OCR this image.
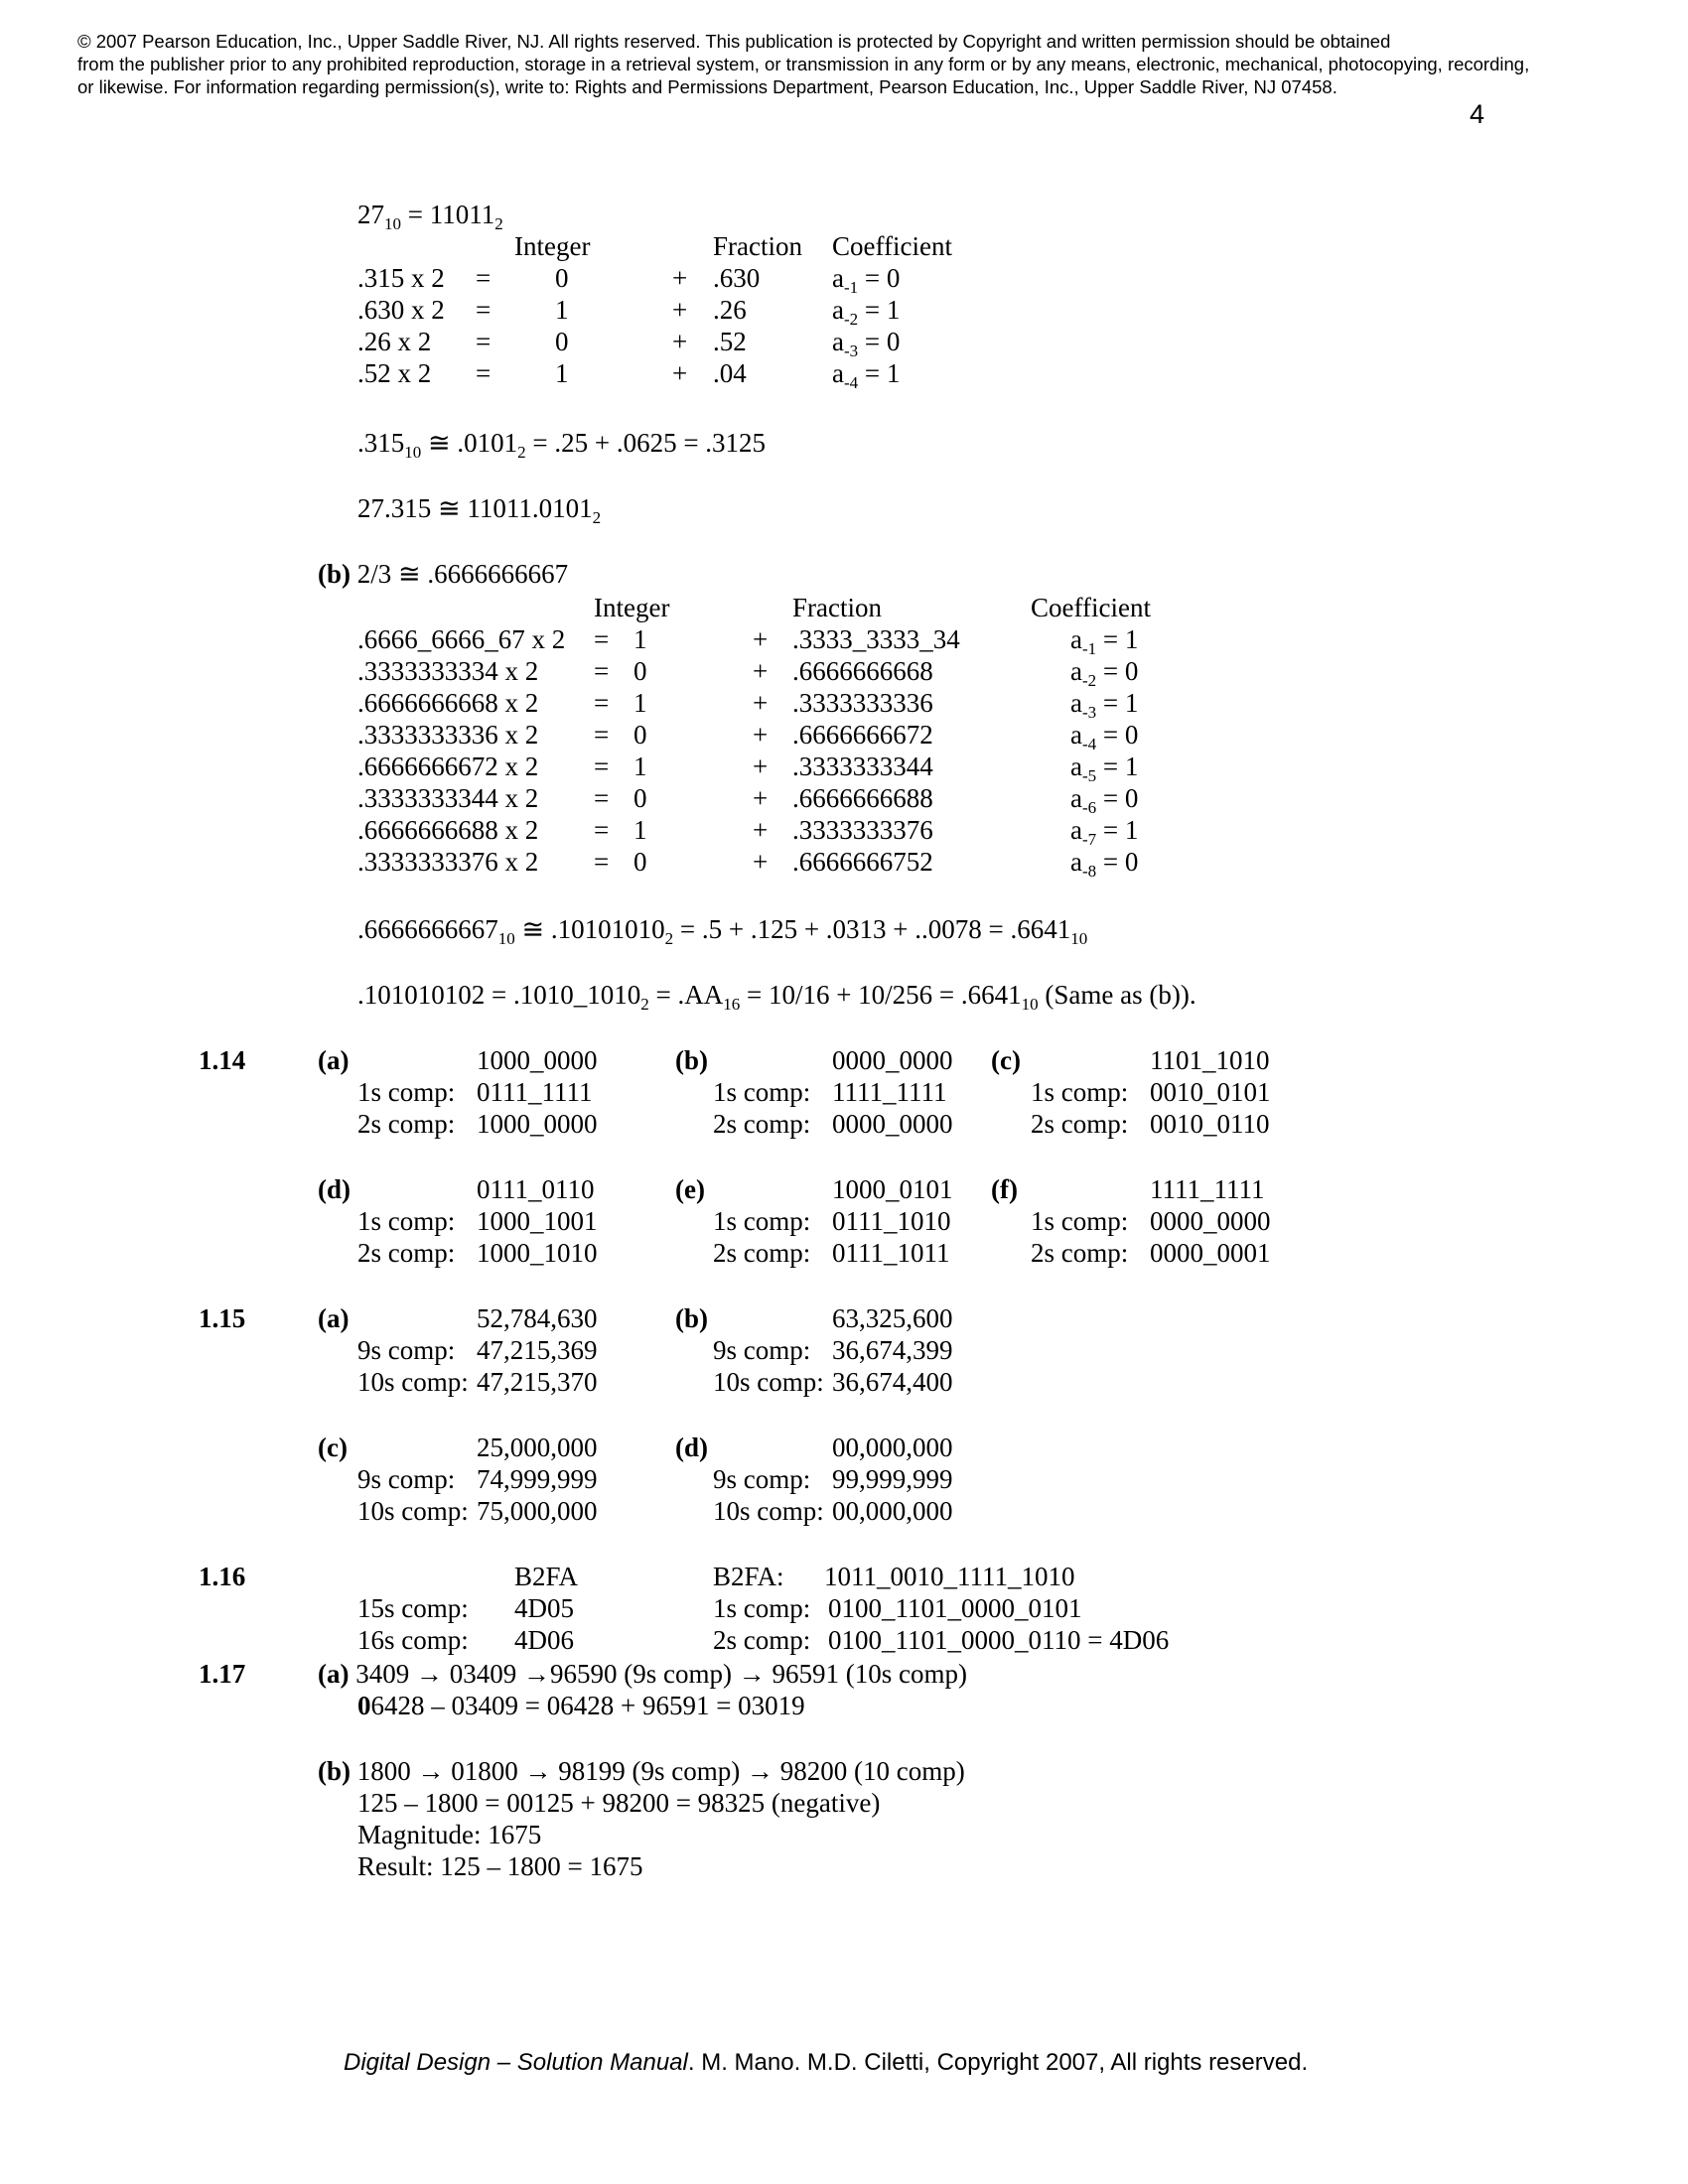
© 2007 Pearson Education, Inc., Upper Saddle River, NJ. All rights reserved. This publication is protected by Copyright and written permission should be obtained
from the publisher prior to any prohibited reproduction, storage in a retrieval system, or transmission in any form or by any means, electronic, mechanical, photocopying, recording,
or likewise. For information regarding permission(s), write to: Rights and Permissions Department, Pearson Education, Inc., Upper Saddle River, NJ 07458.
4
$27_{10} = 11011_2$
Integer	Fraction Coefficient
.315 x 2 = 0	+ .630	$a_{-1} = 0$
.630 x 2 = 1	+ .26	$a_{-2} = 1$
.26 x 2 = 0	+ .52	$a_{-3} = 0$
.52 x 2 = 1	+ .04	$a_{-4} = 1$
$.315_{10}$ ≅ $.0101_2 = .25 + .0625 = .3125$
27.315 ≅ $11011.0101_2$
(b) 2/3 ≅ .6666666667
Integer	Fraction	Coefficient
.6666_6666_67 x 2 = 1	+ .3333_3333_34	$a_{-1} = 1$
.3333333334 x 2 = 0	+ .6666666668	$a_{-2} = 0$
.6666666668 x 2 = 1	+ .3333333336	$a_{-3} = 1$
.3333333336 x 2 = 0	+ .6666666672	$a_{-4} = 0$
.6666666672 x 2 = 1	+ .3333333344	$a_{-5} = 1$
.3333333344 x 2 = 0	+ .6666666688	$a_{-6} = 0$
.6666666688 x 2 = 1	+ .3333333376	$a_{-7} = 1$
.3333333376 x 2 = 0	+ .6666666752	$a_{-8} = 0$
$.6666666667_{10}$ ≅ $.10101010_2 = .5 + .125 + .0313 + ..0078 = .6641_{10}$
$.101010102 = .1010\_1010_2 = .AA_{16} = 10/16 + 10/256 = .6641_{10}$ (Same as (b)).
1.14	(a)	1000_0000
1s comp: 0111_1111
2s comp: 1000_0000
(b)	0000_0000
1s comp: 1111_1111
2s comp: 0000_0000
(c)	1101_1010
1s comp: 0010_0101
2s comp: 0010_0110
(d)	0111_0110
1s comp: 1000_1001
2s comp: 1000_1010
(e)	1000_0101
1s comp: 0111_1010
2s comp: 0111_1011
(f)	1111_1111
1s comp: 0000_0000
2s comp: 0000_0001
1.15	(a)	52,784,630
9s comp: 47,215,369
10s comp: 47,215,370
(b)	63,325,600
9s comp: 36,674,399
10s comp: 36,674,400
(c)	25,000,000
9s comp: 74,999,999
10s comp: 75,000,000
(d)	00,000,000
9s comp: 99,999,999
10s comp: 00,000,000
1.16	B2FA
15s comp: 4D05
16s comp: 4D06
B2FA: 1011_0010_1111_1010
1s comp: 0100_1101_0000_0101
2s comp: 0100_1101_0000_0110 = 4D06
1.17	(a) 3409 → 03409 →96590 (9s comp) → 96591 (10s comp)
06428 – 03409 = 06428 + 96591 = 03019
(b) 1800 → 01800 → 98199 (9s comp) → 98200 (10 comp)
125 – 1800 = 00125 + 98200 = 98325 (negative)
Magnitude: 1675
Result: 125 – 1800 = 1675
Digital Design – Solution Manual. M. Mano. M.D. Ciletti, Copyright 2007, All rights reserved.
